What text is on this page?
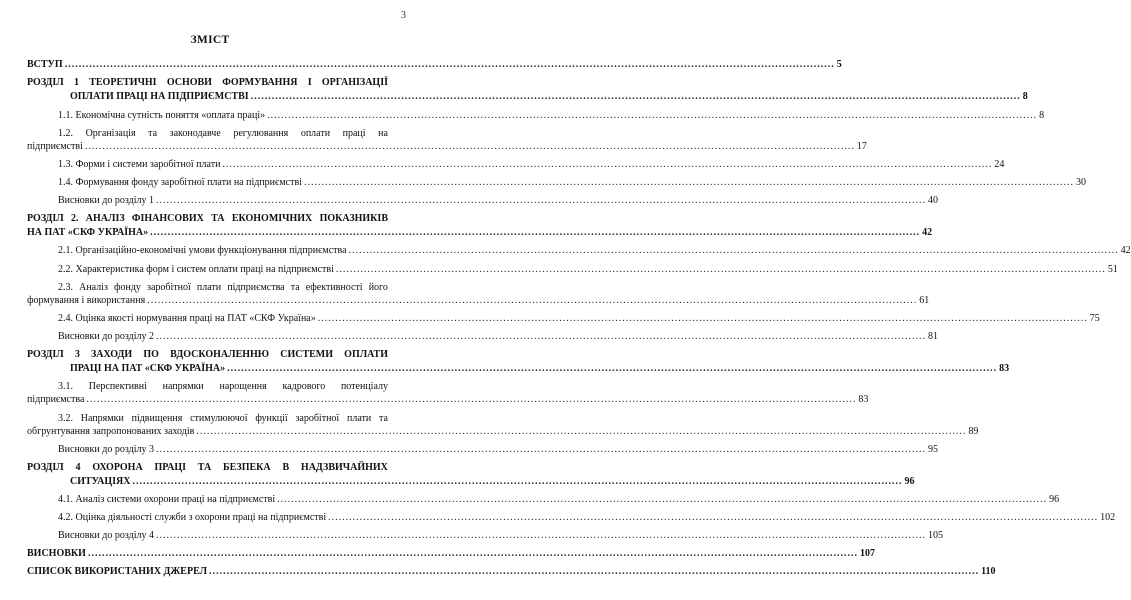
3
ЗМІСТ
ВСТУП ............................................................................................................................................................................................................................ 5
РОЗДІЛ 1 ТЕОРЕТИЧНІ ОСНОВИ ФОРМУВАННЯ І ОРГАНІЗАЦІЇ
ОПЛАТИ ПРАЦІ НА ПІДПРИЄМСТВІ ............................................................................................................................................................................................................................ 8
1.1. Економічна сутність поняття «оплата праці» ............................................................................................................................................................................................................................ 8
1.2. Організація та законодавче регулювання оплати праці на
підприємстві ............................................................................................................................................................................................................................ 17
1.3. Форми і системи заробітної плати ............................................................................................................................................................................................................................ 24
1.4. Формування фонду заробітної плати на підприємстві ............................................................................................................................................................................................................................ 30
Висновки до розділу 1 ............................................................................................................................................................................................................................ 40
РОЗДІЛ 2. АНАЛІЗ ФІНАНСОВИХ ТА ЕКОНОМІЧНИХ ПОКАЗНИКІВ
НА ПАТ «СКФ УКРАЇНА» ............................................................................................................................................................................................................................ 42
2.1. Організаційно-економічні умови функціонування підприємства ............................................................................................................................................................................................................................ 42
2.2. Характеристика форм і систем оплати праці на підприємстві ............................................................................................................................................................................................................................ 51
2.3. Аналіз фонду заробітної плати підприємства та ефективності його
формування і використання ............................................................................................................................................................................................................................ 61
2.4. Оцінка якості нормування праці на ПАТ «СКФ Україна» ............................................................................................................................................................................................................................ 75
Висновки до розділу 2 ............................................................................................................................................................................................................................ 81
РОЗДІЛ 3 ЗАХОДИ ПО ВДОСКОНАЛЕННЮ СИСТЕМИ ОПЛАТИ
ПРАЦІ НА ПАТ «СКФ УКРАЇНА» ............................................................................................................................................................................................................................ 83
3.1. Перспективні напрямки нарощення кадрового потенціалу
підприємства ............................................................................................................................................................................................................................ 83
3.2. Напрямки підвищення стимулюючої функції заробітної плати та
обгрунтування запропонованих заходів ............................................................................................................................................................................................................................ 89
Висновки до розділу 3 ............................................................................................................................................................................................................................ 95
РОЗДІЛ 4 ОХОРОНА ПРАЦІ ТА БЕЗПЕКА В НАДЗВИЧАЙНИХ
СИТУАЦІЯХ ............................................................................................................................................................................................................................ 96
4.1. Аналіз системи охорони праці на підприємстві ............................................................................................................................................................................................................................ 96
4.2. Оцінка діяльності служби з охорони праці на підприємстві ............................................................................................................................................................................................................................ 102
Висновки до розділу 4 ............................................................................................................................................................................................................................ 105
ВИСНОВКИ ............................................................................................................................................................................................................................ 107
СПИСОК ВИКОРИСТАНИХ ДЖЕРЕЛ ............................................................................................................................................................................................................................ 110
